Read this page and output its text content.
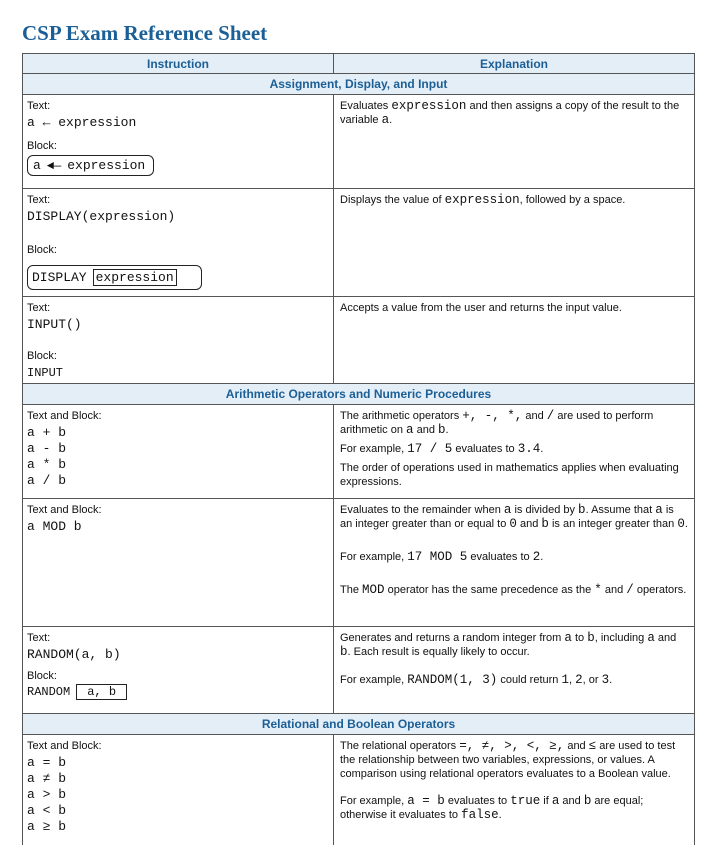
CSP Exam Reference Sheet
Instruction	Explanation
Assignment, Display, and Input
Text:
a ← expression
Block:
a ◄— expression
Evaluates expression and then assigns a copy of the result to the variable a.
Text:
DISPLAY(expression)
Block:
DISPLAY expression
Displays the value of expression, followed by a space.
Text:
INPUT()
Block:
INPUT
Accepts a value from the user and returns the input value.
Arithmetic Operators and Numeric Procedures
Text and Block:
a + b
a - b
a * b
a / b
The arithmetic operators +, -, *, and / are used to perform arithmetic on a and b.
For example, 17 / 5 evaluates to 3.4.
The order of operations used in mathematics applies when evaluating expressions.
Text and Block:
a MOD b
Evaluates to the remainder when a is divided by b. Assume that a is an integer greater than or equal to 0 and b is an integer greater than 0.
For example, 17 MOD 5 evaluates to 2.
The MOD operator has the same precedence as the * and / operators.
Text:
RANDOM(a, b)
Block:
RANDOM a, b
Generates and returns a random integer from a to b, including a and b. Each result is equally likely to occur.
For example, RANDOM(1, 3) could return 1, 2, or 3.
Relational and Boolean Operators
Text and Block:
a = b
a ≠ b
a > b
a < b
a ≥ b
The relational operators =, ≠, >, <, ≥, and ≤ are used to test the relationship between two variables, expressions, or values. A comparison using relational operators evaluates to a Boolean value.
For example, a = b evaluates to true if a and b are equal; otherwise it evaluates to false.
